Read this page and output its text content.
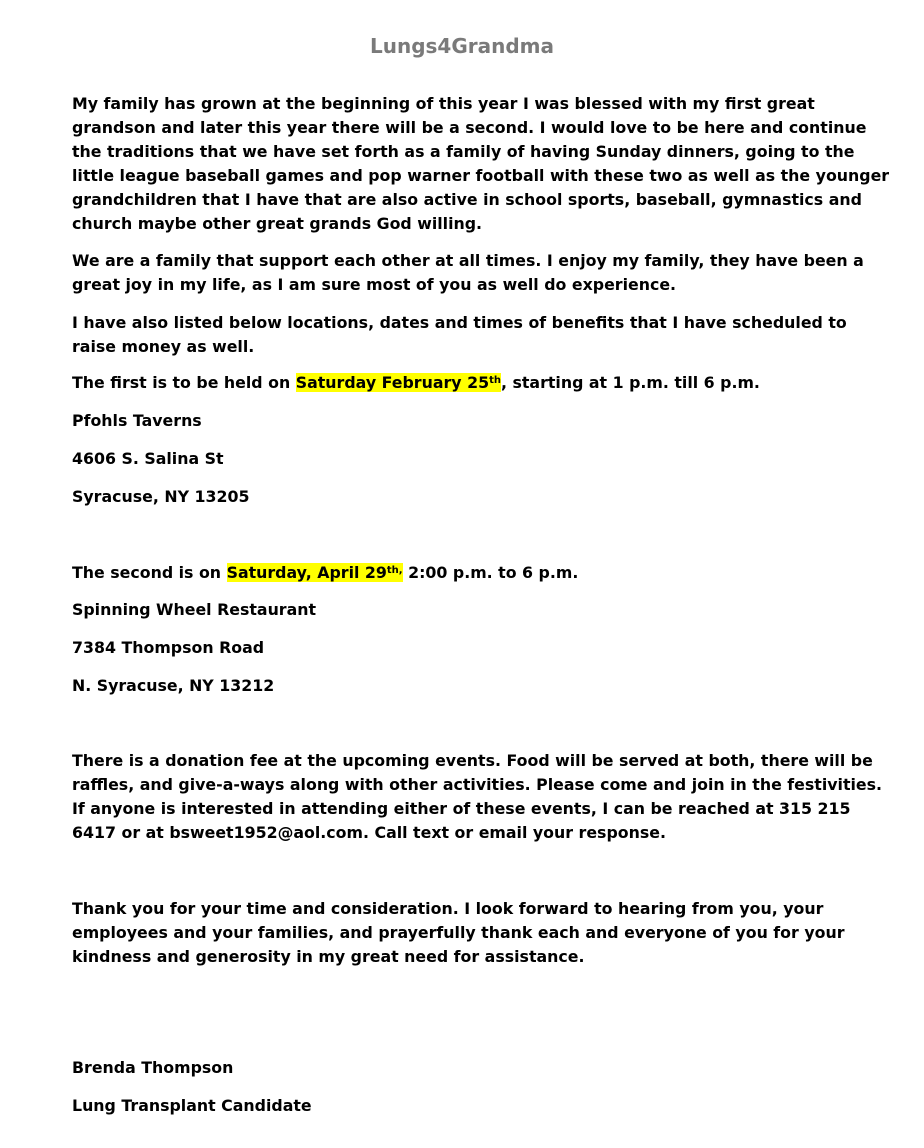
Lungs4Grandma
My family has grown at the beginning of this year I was blessed with my first great grandson and later this year there will be a second. I would love to be here and continue the traditions that we have set forth as a family of having Sunday dinners, going to the little league baseball games and pop warner football with these two as well as the younger grandchildren that I have that are also active in school sports, baseball, gymnastics and church maybe other great grands God willing.
We are a family that support each other at all times. I enjoy my family, they have been a great joy in my life, as I am sure most of you as well do experience.
I have also listed below locations, dates and times of benefits that I have scheduled to raise money as well.
The first is to be held on Saturday February 25th, starting at 1 p.m. till 6 p.m.
Pfohls Taverns
4606 S. Salina St
Syracuse, NY 13205
The second is on Saturday, April $29^{th,}$ 2:00 p.m. to 6 p.m.
Spinning Wheel Restaurant
7384 Thompson Road
N. Syracuse, NY 13212
There is a donation fee at the upcoming events. Food will be served at both, there will be raffles, and give-a-ways along with other activities. Please come and join in the festivities. If anyone is interested in attending either of these events, I can be reached at 315 215 6417 or at bsweet1952@aol.com. Call text or email your response.
Thank you for your time and consideration. I look forward to hearing from you, your employees and your families, and prayerfully thank each and everyone of you for your kindness and generosity in my great need for assistance.
Brenda Thompson
Lung Transplant Candidate
